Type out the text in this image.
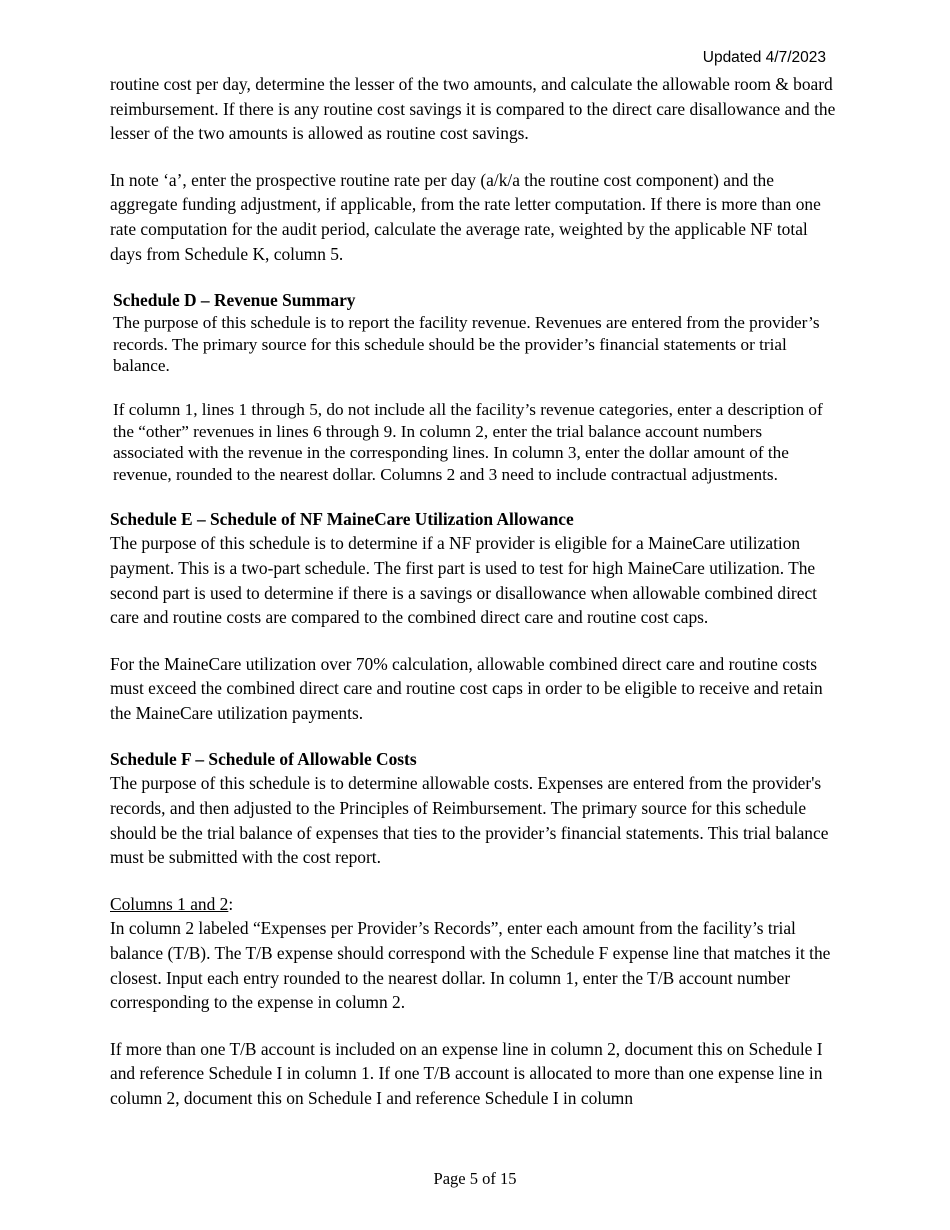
Updated 4/7/2023

routine cost per day, determine the lesser of the two amounts, and calculate the allowable room & board reimbursement. If there is any routine cost savings it is compared to the direct care disallowance and the lesser of the two amounts is allowed as routine cost savings.

In note ‘a’, enter the prospective routine rate per day (a/k/a the routine cost component) and the aggregate funding adjustment, if applicable, from the rate letter computation. If there is more than one rate computation for the audit period, calculate the average rate, weighted by the applicable NF total days from Schedule K, column 5.

Schedule D – Revenue Summary

The purpose of this schedule is to report the facility revenue. Revenues are entered from the provider’s records. The primary source for this schedule should be the provider’s financial statements or trial balance.

If column 1, lines 1 through 5, do not include all the facility’s revenue categories, enter a description of the “other” revenues in lines 6 through 9. In column 2, enter the trial balance account numbers associated with the revenue in the corresponding lines. In column 3, enter the dollar amount of the revenue, rounded to the nearest dollar. Columns 2 and 3 need to include contractual adjustments.

Schedule E – Schedule of NF MaineCare Utilization Allowance

The purpose of this schedule is to determine if a NF provider is eligible for a MaineCare utilization payment. This is a two-part schedule. The first part is used to test for high MaineCare utilization. The second part is used to determine if there is a savings or disallowance when allowable combined direct care and routine costs are compared to the combined direct care and routine cost caps.

For the MaineCare utilization over 70% calculation, allowable combined direct care and routine costs must exceed the combined direct care and routine cost caps in order to be eligible to receive and retain the MaineCare utilization payments.

Schedule F – Schedule of Allowable Costs

The purpose of this schedule is to determine allowable costs. Expenses are entered from the provider's records, and then adjusted to the Principles of Reimbursement. The primary source for this schedule should be the trial balance of expenses that ties to the provider’s financial statements. This trial balance must be submitted with the cost report.

Columns 1 and 2:

In column 2 labeled “Expenses per Provider’s Records”, enter each amount from the facility’s trial balance (T/B). The T/B expense should correspond with the Schedule F expense line that matches it the closest. Input each entry rounded to the nearest dollar. In column 1, enter the T/B account number corresponding to the expense in column 2.

If more than one T/B account is included on an expense line in column 2, document this on Schedule I and reference Schedule I in column 1. If one T/B account is allocated to more than one expense line in column 2, document this on Schedule I and reference Schedule I in column

Page 5 of 15
